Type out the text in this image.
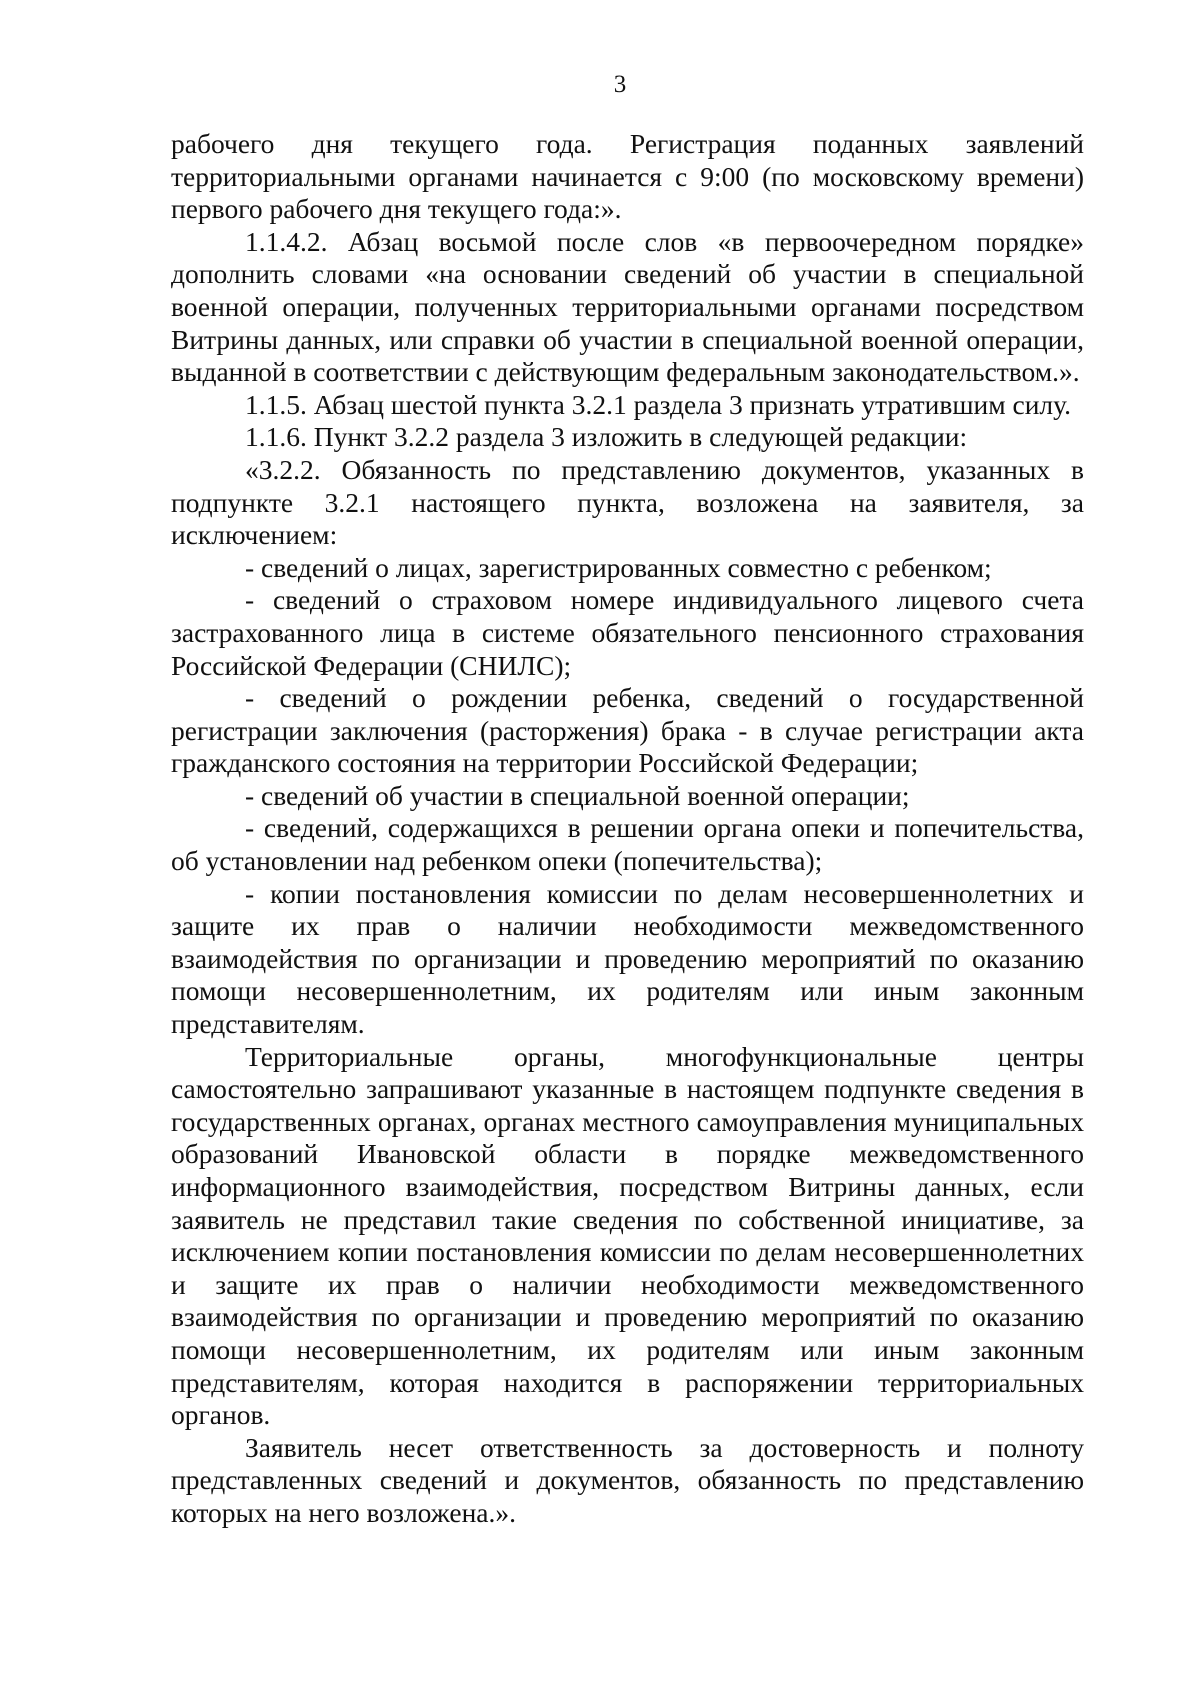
3

рабочего дня текущего года. Регистрация поданных заявлений территориальными органами начинается с 9:00 (по московскому времени) первого рабочего дня текущего года:».

1.1.4.2. Абзац восьмой после слов «в первоочередном порядке» дополнить словами «на основании сведений об участии в специальной военной операции, полученных территориальными органами посредством Витрины данных, или справки об участии в специальной военной операции, выданной в соответствии с действующим федеральным законодательством.».

1.1.5. Абзац шестой пункта 3.2.1 раздела 3 признать утратившим силу.

1.1.6. Пункт 3.2.2 раздела 3 изложить в следующей редакции:

«3.2.2. Обязанность по представлению документов, указанных в подпункте 3.2.1 настоящего пункта, возложена на заявителя, за исключением:

- сведений о лицах, зарегистрированных совместно с ребенком;

- сведений о страховом номере индивидуального лицевого счета застрахованного лица в системе обязательного пенсионного страхования Российской Федерации (СНИЛС);

- сведений о рождении ребенка, сведений о государственной регистрации заключения (расторжения) брака - в случае регистрации акта гражданского состояния на территории Российской Федерации;

- сведений об участии в специальной военной операции;

- сведений, содержащихся в решении органа опеки и попечительства, об установлении над ребенком опеки (попечительства);

- копии постановления комиссии по делам несовершеннолетних и защите их прав о наличии необходимости межведомственного взаимодействия по организации и проведению мероприятий по оказанию помощи несовершеннолетним, их родителям или иным законным представителям.

Территориальные органы, многофункциональные центры самостоятельно запрашивают указанные в настоящем подпункте сведения в государственных органах, органах местного самоуправления муниципальных образований Ивановской области в порядке межведомственного информационного взаимодействия, посредством Витрины данных, если заявитель не представил такие сведения по собственной инициативе, за исключением копии постановления комиссии по делам несовершеннолетних и защите их прав о наличии необходимости межведомственного взаимодействия по организации и проведению мероприятий по оказанию помощи несовершеннолетним, их родителям или иным законным представителям, которая находится в распоряжении территориальных органов.

Заявитель несет ответственность за достоверность и полноту представленных сведений и документов, обязанность по представлению которых на него возложена.».
